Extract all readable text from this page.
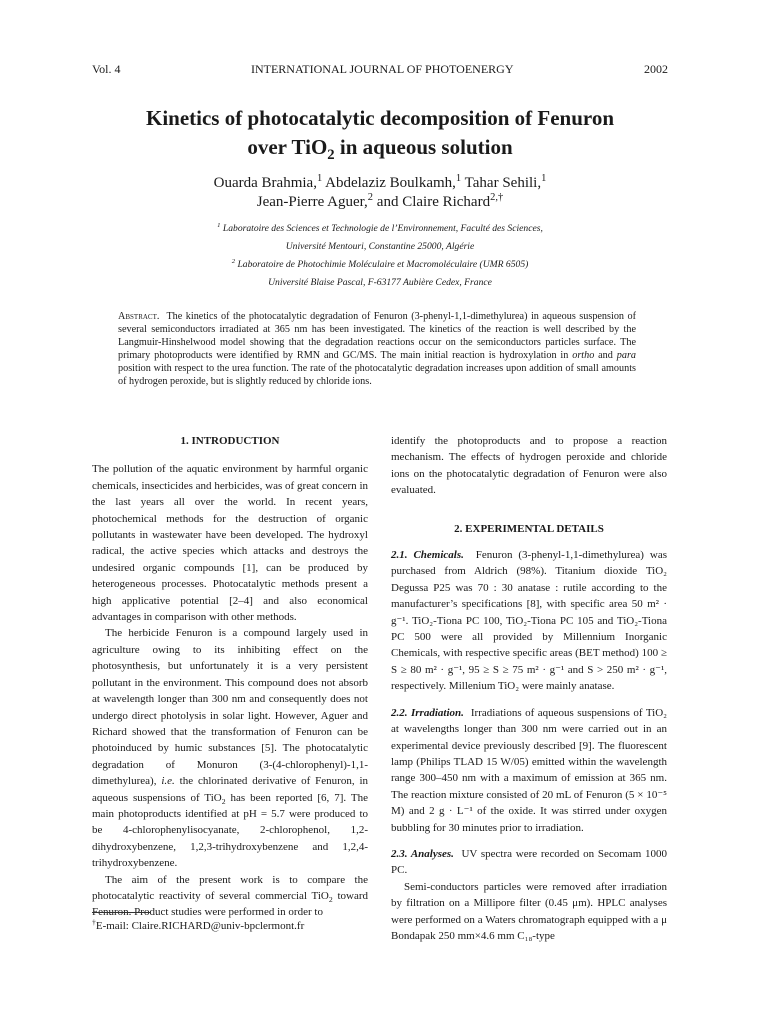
Vol. 4	INTERNATIONAL JOURNAL OF PHOTOENERGY	2002
Kinetics of photocatalytic decomposition of Fenuron
over TiO$_2$ in aqueous solution
Ouarda Brahmia,$^1$ Abdelaziz Boulkamh,$^1$ Tahar Sehili,$^1$
Jean-Pierre Aguer,$^2$ and Claire Richard$^{2,\dagger}$
$^1$ Laboratoire des Sciences et Technologie de l’Environnement, Faculté des Sciences,
Université Mentouri, Constantine 25000, Algérie
$^2$ Laboratoire de Photochimie Moléculaire et Macromoléculaire (UMR 6505)
Université Blaise Pascal, F-63177 Aubière Cedex, France
Abstract. The kinetics of the photocatalytic degradation of Fenuron (3-phenyl-1,1-dimethylurea) in aqueous suspension of several semiconductors irradiated at 365 nm has been investigated. The kinetics of the reaction is well described by the Langmuir-Hinshelwood model showing that the degradation reactions occur on the semiconductors particles surface. The primary photoproducts were identified by RMN and GC/MS. The main initial reaction is hydroxylation in ortho and para position with respect to the urea function. The rate of the photocatalytic degradation increases upon addition of small amounts of hydrogen peroxide, but is slightly reduced by chloride ions.

1. INTRODUCTION

The pollution of the aquatic environment by harmful organic chemicals, insecticides and herbicides, was of great concern in the last years all over the world. In recent years, photochemical methods for the destruction of organic pollutants in wastewater have been developed. The hydroxyl radical, the active species which attacks and destroys the undesired organic compounds [1], can be produced by heterogeneous processes. Photocatalytic methods present a high applicative potential [2–4] and also economical advantages in comparison with other methods.

The herbicide Fenuron is a compound largely used in agriculture owing to its inhibiting effect on the photosynthesis, but unfortunately it is a very persistent pollutant in the environment. This compound does not absorb at wavelength longer than 300 nm and consequently does not undergo direct photolysis in solar light. However, Aguer and Richard showed that the transformation of Fenuron can be photoinduced by humic substances [5]. The photocatalytic degradation of Monuron (3-(4-chlorophenyl)-1,1-dimethylurea), i.e. the chlorinated derivative of Fenuron, in aqueous suspensions of TiO$_2$ has been reported [6, 7]. The main photoproducts identified at pH = 5.7 were produced to be 4-chlorophenylisocyanate, 2-chlorophenol, 1,2-dihydroxybenzene, 1,2,3-trihydroxybenzene and 1,2,4-trihydroxybenzene.

The aim of the present work is to compare the photocatalytic reactivity of several commercial TiO$_2$ toward Fenuron. Product studies were performed in order to

identify the photoproducts and to propose a reaction mechanism. The effects of hydrogen peroxide and chloride ions on the photocatalytic degradation of Fenuron were also evaluated.

2. EXPERIMENTAL DETAILS

2.1. Chemicals. Fenuron (3-phenyl-1,1-dimethylurea) was purchased from Aldrich (98%). Titanium dioxide TiO₂ Degussa P25 was 70 : 30 anatase : rutile according to the manufacturer’s specifications [8], with specific area 50 m² · g⁻¹. TiO₂-Tiona PC 100, TiO₂-Tiona PC 105 and TiO₂-Tiona PC 500 were all provided by Millennium Inorganic Chemicals, with respective specific areas (BET method) 100 ≥ S ≥ 80 m² · g⁻¹, 95 ≥ S ≥ 75 m² · g⁻¹ and S > 250 m² · g⁻¹, respectively. Millenium TiO₂ were mainly anatase.

2.2. Irradiation. Irradiations of aqueous suspensions of TiO₂ at wavelengths longer than 300 nm were carried out in an experimental device previously described [9]. The fluorescent lamp (Philips TLAD 15 W/05) emitted within the wavelength range 300–450 nm with a maximum of emission at 365 nm. The reaction mixture consisted of 20 mL of Fenuron (5 × 10⁻⁵ M) and 2 g · L⁻¹ of the oxide. It was stirred under oxygen bubbling for 30 minutes prior to irradiation.

2.3. Analyses. UV spectra were recorded on Secomam 1000 PC.

Semi-conductors particles were removed after irradiation by filtration on a Millipore filter (0.45 μm). HPLC analyses were performed on a Waters chromatograph equipped with a μ Bondapak 250 mm×4.6 mm C₁₈-type

†E-mail: Claire.RICHARD@univ-bpclermont.fr
